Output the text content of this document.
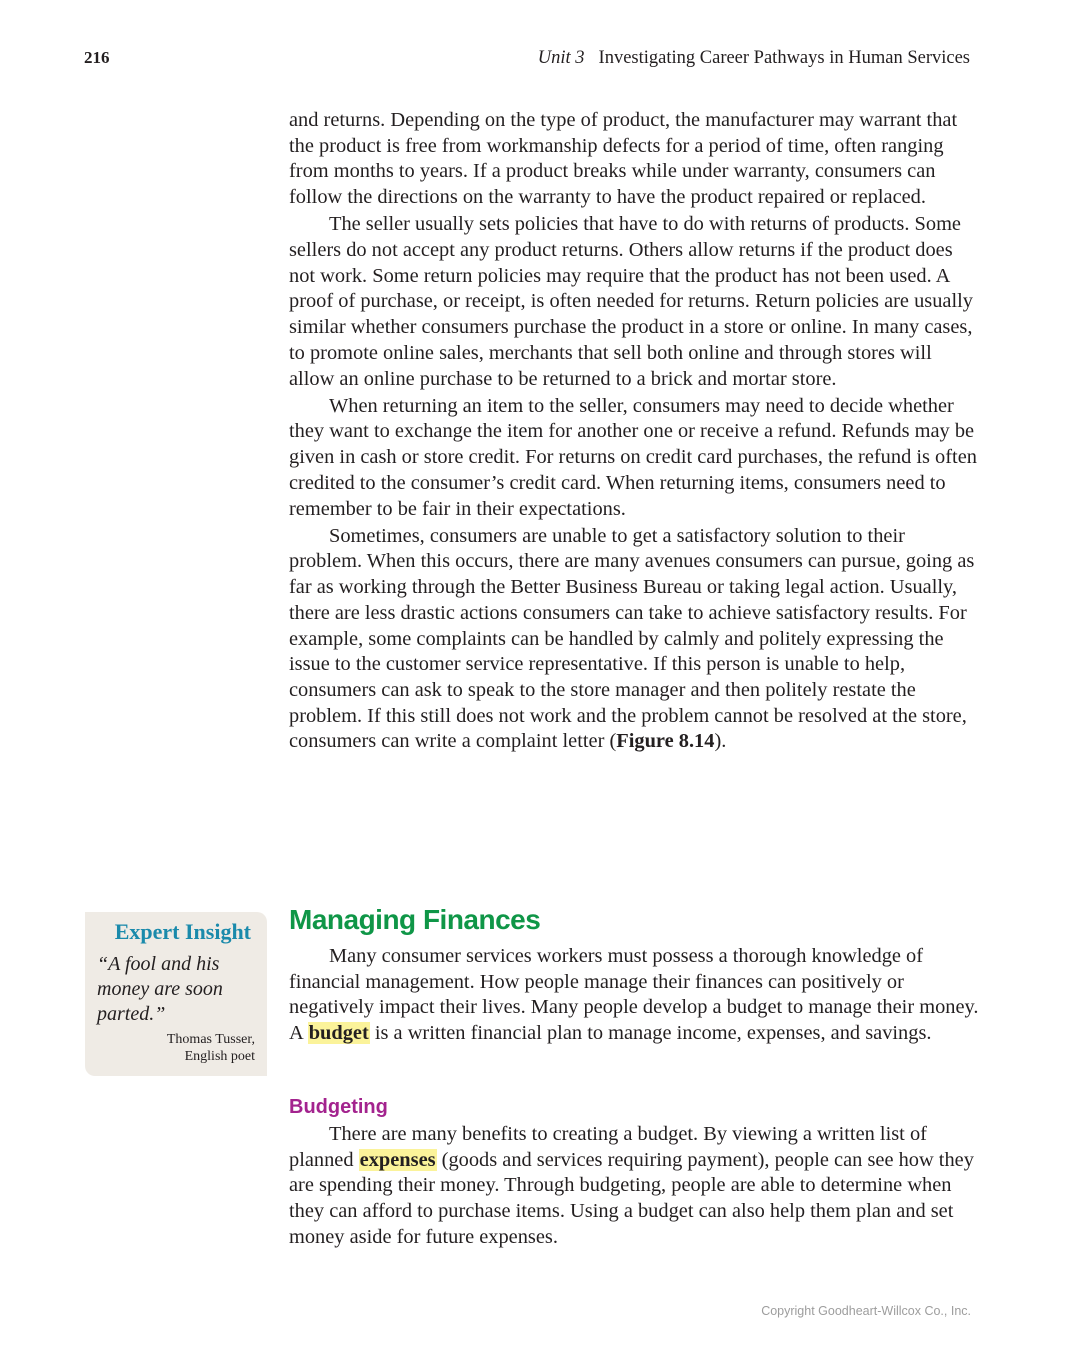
216	Unit 3 Investigating Career Pathways in Human Services

and returns. Depending on the type of product, the manufacturer may warrant that the product is free from workmanship defects for a period of time, often ranging from months to years. If a product breaks while under warranty, consumers can follow the directions on the warranty to have the product repaired or replaced.

The seller usually sets policies that have to do with returns of products. Some sellers do not accept any product returns. Others allow returns if the product does not work. Some return policies may require that the product has not been used. A proof of purchase, or receipt, is often needed for returns. Return policies are usually similar whether consumers purchase the product in a store or online. In many cases, to promote online sales, merchants that sell both online and through stores will allow an online purchase to be returned to a brick and mortar store.

When returning an item to the seller, consumers may need to decide whether they want to exchange the item for another one or receive a refund. Refunds may be given in cash or store credit. For returns on credit card purchases, the refund is often credited to the consumer’s credit card. When returning items, consumers need to remember to be fair in their expectations.

Sometimes, consumers are unable to get a satisfactory solution to their problem. When this occurs, there are many avenues consumers can pursue, going as far as working through the Better Business Bureau or taking legal action. Usually, there are less drastic actions consumers can take to achieve satisfactory results. For example, some complaints can be handled by calmly and politely expressing the issue to the customer service representative. If this person is unable to help, consumers can ask to speak to the store manager and then politely restate the problem. If this still does not work and the problem cannot be resolved at the store, consumers can write a complaint letter (Figure 8.14).

Expert Insight
“A fool and his money are soon parted.”
Thomas Tusser,
English poet
Managing Finances

Many consumer services workers must possess a thorough knowledge of financial management. How people manage their finances can positively or negatively impact their lives. Many people develop a budget to manage their money. A budget is a written financial plan to manage income, expenses, and savings.

Budgeting

There are many benefits to creating a budget. By viewing a written list of planned expenses (goods and services requiring payment), people can see how they are spending their money. Through budgeting, people are able to determine when they can afford to purchase items. Using a budget can also help them plan and set money aside for future expenses.

Copyright Goodheart-Willcox Co., Inc.
